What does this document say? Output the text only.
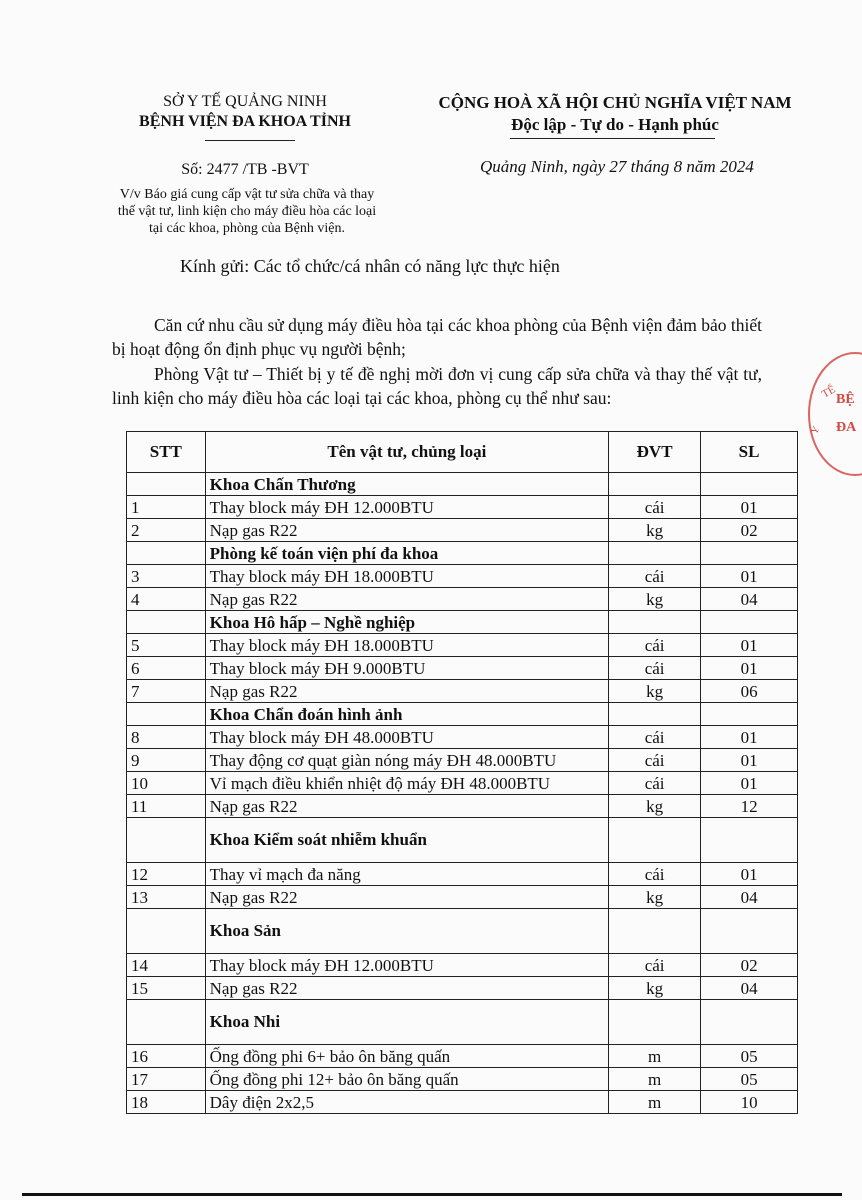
SỞ Y TẾ QUẢNG NINH
BỆNH VIỆN ĐA KHOA TỈNH
CỘNG HOÀ XÃ HỘI CHỦ NGHĨA VIỆT NAM
Độc lập - Tự do - Hạnh phúc
Số: 2477 /TB -BVT
V/v Báo giá cung cấp vật tư sửa chữa và thay
thế vật tư, linh kiện cho máy điều hòa các loại
tại các khoa, phòng của Bệnh viện.
Quảng Ninh, ngày 27 tháng 8 năm 2024
Kính gửi: Các tổ chức/cá nhân có năng lực thực hiện
Căn cứ nhu cầu sử dụng máy điều hòa tại các khoa phòng của Bệnh viện đảm bảo thiết bị hoạt động ổn định phục vụ người bệnh;
Phòng Vật tư – Thiết bị y tế đề nghị mời đơn vị cung cấp sửa chữa và thay thế vật tư, linh kiện cho máy điều hòa các loại tại các khoa, phòng cụ thể như sau:
STT	Tên vật tư, chủng loại	ĐVT	SL
	Khoa Chấn Thương		
1	Thay block máy ĐH 12.000BTU	cái	01
2	Nạp gas R22	kg	02
	Phòng kế toán viện phí đa khoa		
3	Thay block máy ĐH 18.000BTU	cái	01
4	Nạp gas R22	kg	04
	Khoa Hô hấp – Nghề nghiệp		
5	Thay block máy ĐH 18.000BTU	cái	01
6	Thay block máy ĐH 9.000BTU	cái	01
7	Nạp gas R22	kg	06
	Khoa Chẩn đoán hình ảnh		
8	Thay block máy ĐH 48.000BTU	cái	01
9	Thay động cơ quạt giàn nóng máy ĐH 48.000BTU	cái	01
10	Vỉ mạch điều khiển nhiệt độ máy ĐH 48.000BTU	cái	01
11	Nạp gas R22	kg	12
	Khoa Kiểm soát nhiễm khuẩn		
12	Thay vỉ mạch đa năng	cái	01
13	Nạp gas R22	kg	04
	Khoa Sản		
14	Thay block máy ĐH 12.000BTU	cái	02
15	Nạp gas R22	kg	04
	Khoa Nhi		
16	Ống đồng phi 6+ bảo ôn băng quấn	m	05
17	Ống đồng phi 12+ bảo ôn băng quấn	m	05
18	Dây điện 2x2,5	m	10
TẾ
BỆ
ĐA
Y
